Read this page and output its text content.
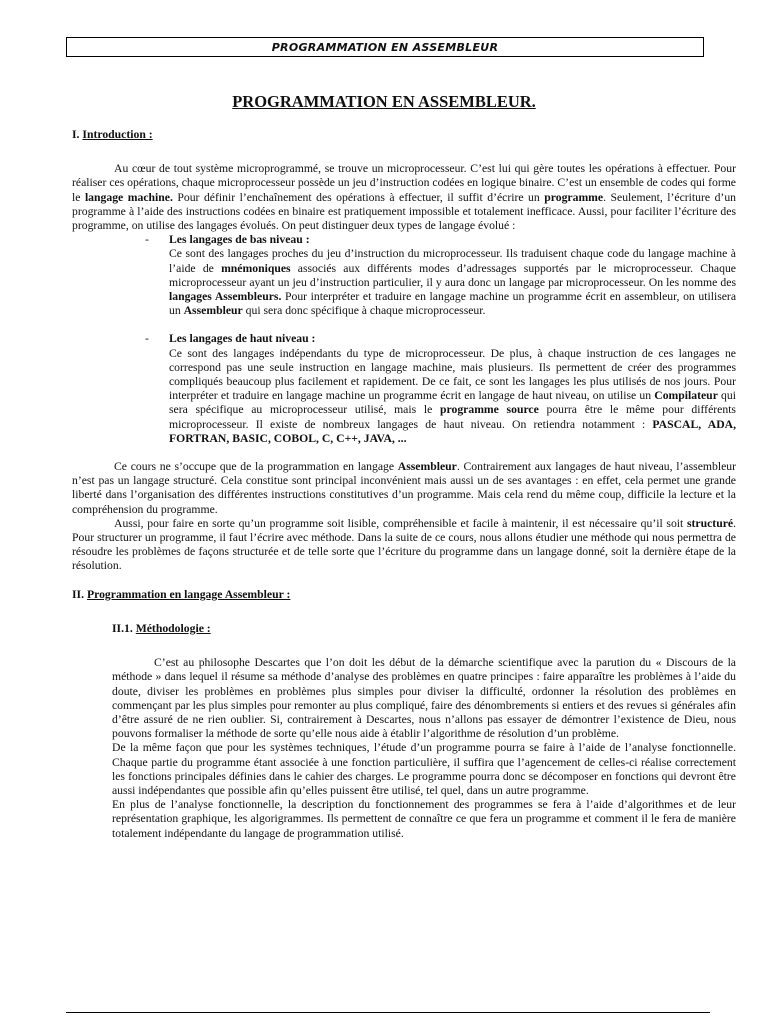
PROGRAMMATION EN ASSEMBLEUR
PROGRAMMATION EN ASSEMBLEUR.

I. Introduction :

Au cœur de tout système microprogrammé, se trouve un microprocesseur. C’est lui qui gère toutes les opérations à effectuer. Pour réaliser ces opérations, chaque microprocesseur possède un jeu d’instruction codées en logique binaire. C’est un ensemble de codes qui forme le langage machine. Pour définir l’enchaînement des opérations à effectuer, il suffit d’écrire un programme. Seulement, l’écriture d’un programme à l’aide des instructions codées en binaire est pratiquement impossible et totalement inefficace. Aussi, pour faciliter l’écriture des programme, on utilise des langages évolués. On peut distinguer deux types de langage évolué :

- Les langages de bas niveau :

Ce sont des langages proches du jeu d’instruction du microprocesseur. Ils traduisent chaque code du langage machine à l’aide de mnémoniques associés aux différents modes d’adressages supportés par le microprocesseur. Chaque microprocesseur ayant un jeu d’instruction particulier, il y aura donc un langage par microprocesseur. On les nomme des langages Assembleurs. Pour interpréter et traduire en langage machine un programme écrit en assembleur, on utilisera un Assembleur qui sera donc spécifique à chaque microprocesseur.

- Les langages de haut niveau :

Ce sont des langages indépendants du type de microprocesseur. De plus, à chaque instruction de ces langages ne correspond pas une seule instruction en langage machine, mais plusieurs. Ils permettent de créer des programmes compliqués beaucoup plus facilement et rapidement. De ce fait, ce sont les langages les plus utilisés de nos jours. Pour interpréter et traduire en langage machine un programme écrit en langage de haut niveau, on utilise un Compilateur qui sera spécifique au microprocesseur utilisé, mais le programme source pourra être le même pour différents microprocesseur. Il existe de nombreux langages de haut niveau. On retiendra notamment : PASCAL, ADA, FORTRAN, BASIC, COBOL, C, C++, JAVA, ...

Ce cours ne s’occupe que de la programmation en langage Assembleur. Contrairement aux langages de haut niveau, l’assembleur n’est pas un langage structuré. Cela constitue sont principal inconvénient mais aussi un de ses avantages : en effet, cela permet une grande liberté dans l’organisation des différentes instructions constitutives d’un programme. Mais cela rend du même coup, difficile la lecture et la compréhension du programme.

Aussi, pour faire en sorte qu’un programme soit lisible, compréhensible et facile à maintenir, il est nécessaire qu’il soit structuré. Pour structurer un programme, il faut l’écrire avec méthode. Dans la suite de ce cours, nous allons étudier une méthode qui nous permettra de résoudre les problèmes de façons structurée et de telle sorte que l’écriture du programme dans un langage donné, soit la dernière étape de la résolution.

II. Programmation en langage Assembleur :

II.1. Méthodologie :

C’est au philosophe Descartes que l’on doit les début de la démarche scientifique avec la parution du « Discours de la méthode » dans lequel il résume sa méthode d’analyse des problèmes en quatre principes : faire apparaître les problèmes à l’aide du doute, diviser les problèmes en problèmes plus simples pour diviser la difficulté, ordonner la résolution des problèmes en commençant par les plus simples pour remonter au plus compliqué, faire des dénombrements si entiers et des revues si générales afin d’être assuré de ne rien oublier. Si, contrairement à Descartes, nous n’allons pas essayer de démontrer l’existence de Dieu, nous pouvons formaliser la méthode de sorte qu’elle nous aide à établir l’algorithme de résolution d’un problème.

De la même façon que pour les systèmes techniques, l’étude d’un programme pourra se faire à l’aide de l’analyse fonctionnelle. Chaque partie du programme étant associée à une fonction particulière, il suffira que l’agencement de celles-ci réalise correctement les fonctions principales définies dans le cahier des charges. Le programme pourra donc se décomposer en fonctions qui devront être aussi indépendantes que possible afin qu’elles puissent être utilisé, tel quel, dans un autre programme.

En plus de l’analyse fonctionnelle, la description du fonctionnement des programmes se fera à l’aide d’algorithmes et de leur représentation graphique, les algorigrammes. Ils permettent de connaître ce que fera un programme et comment il le fera de manière totalement indépendante du langage de programmation utilisé.
